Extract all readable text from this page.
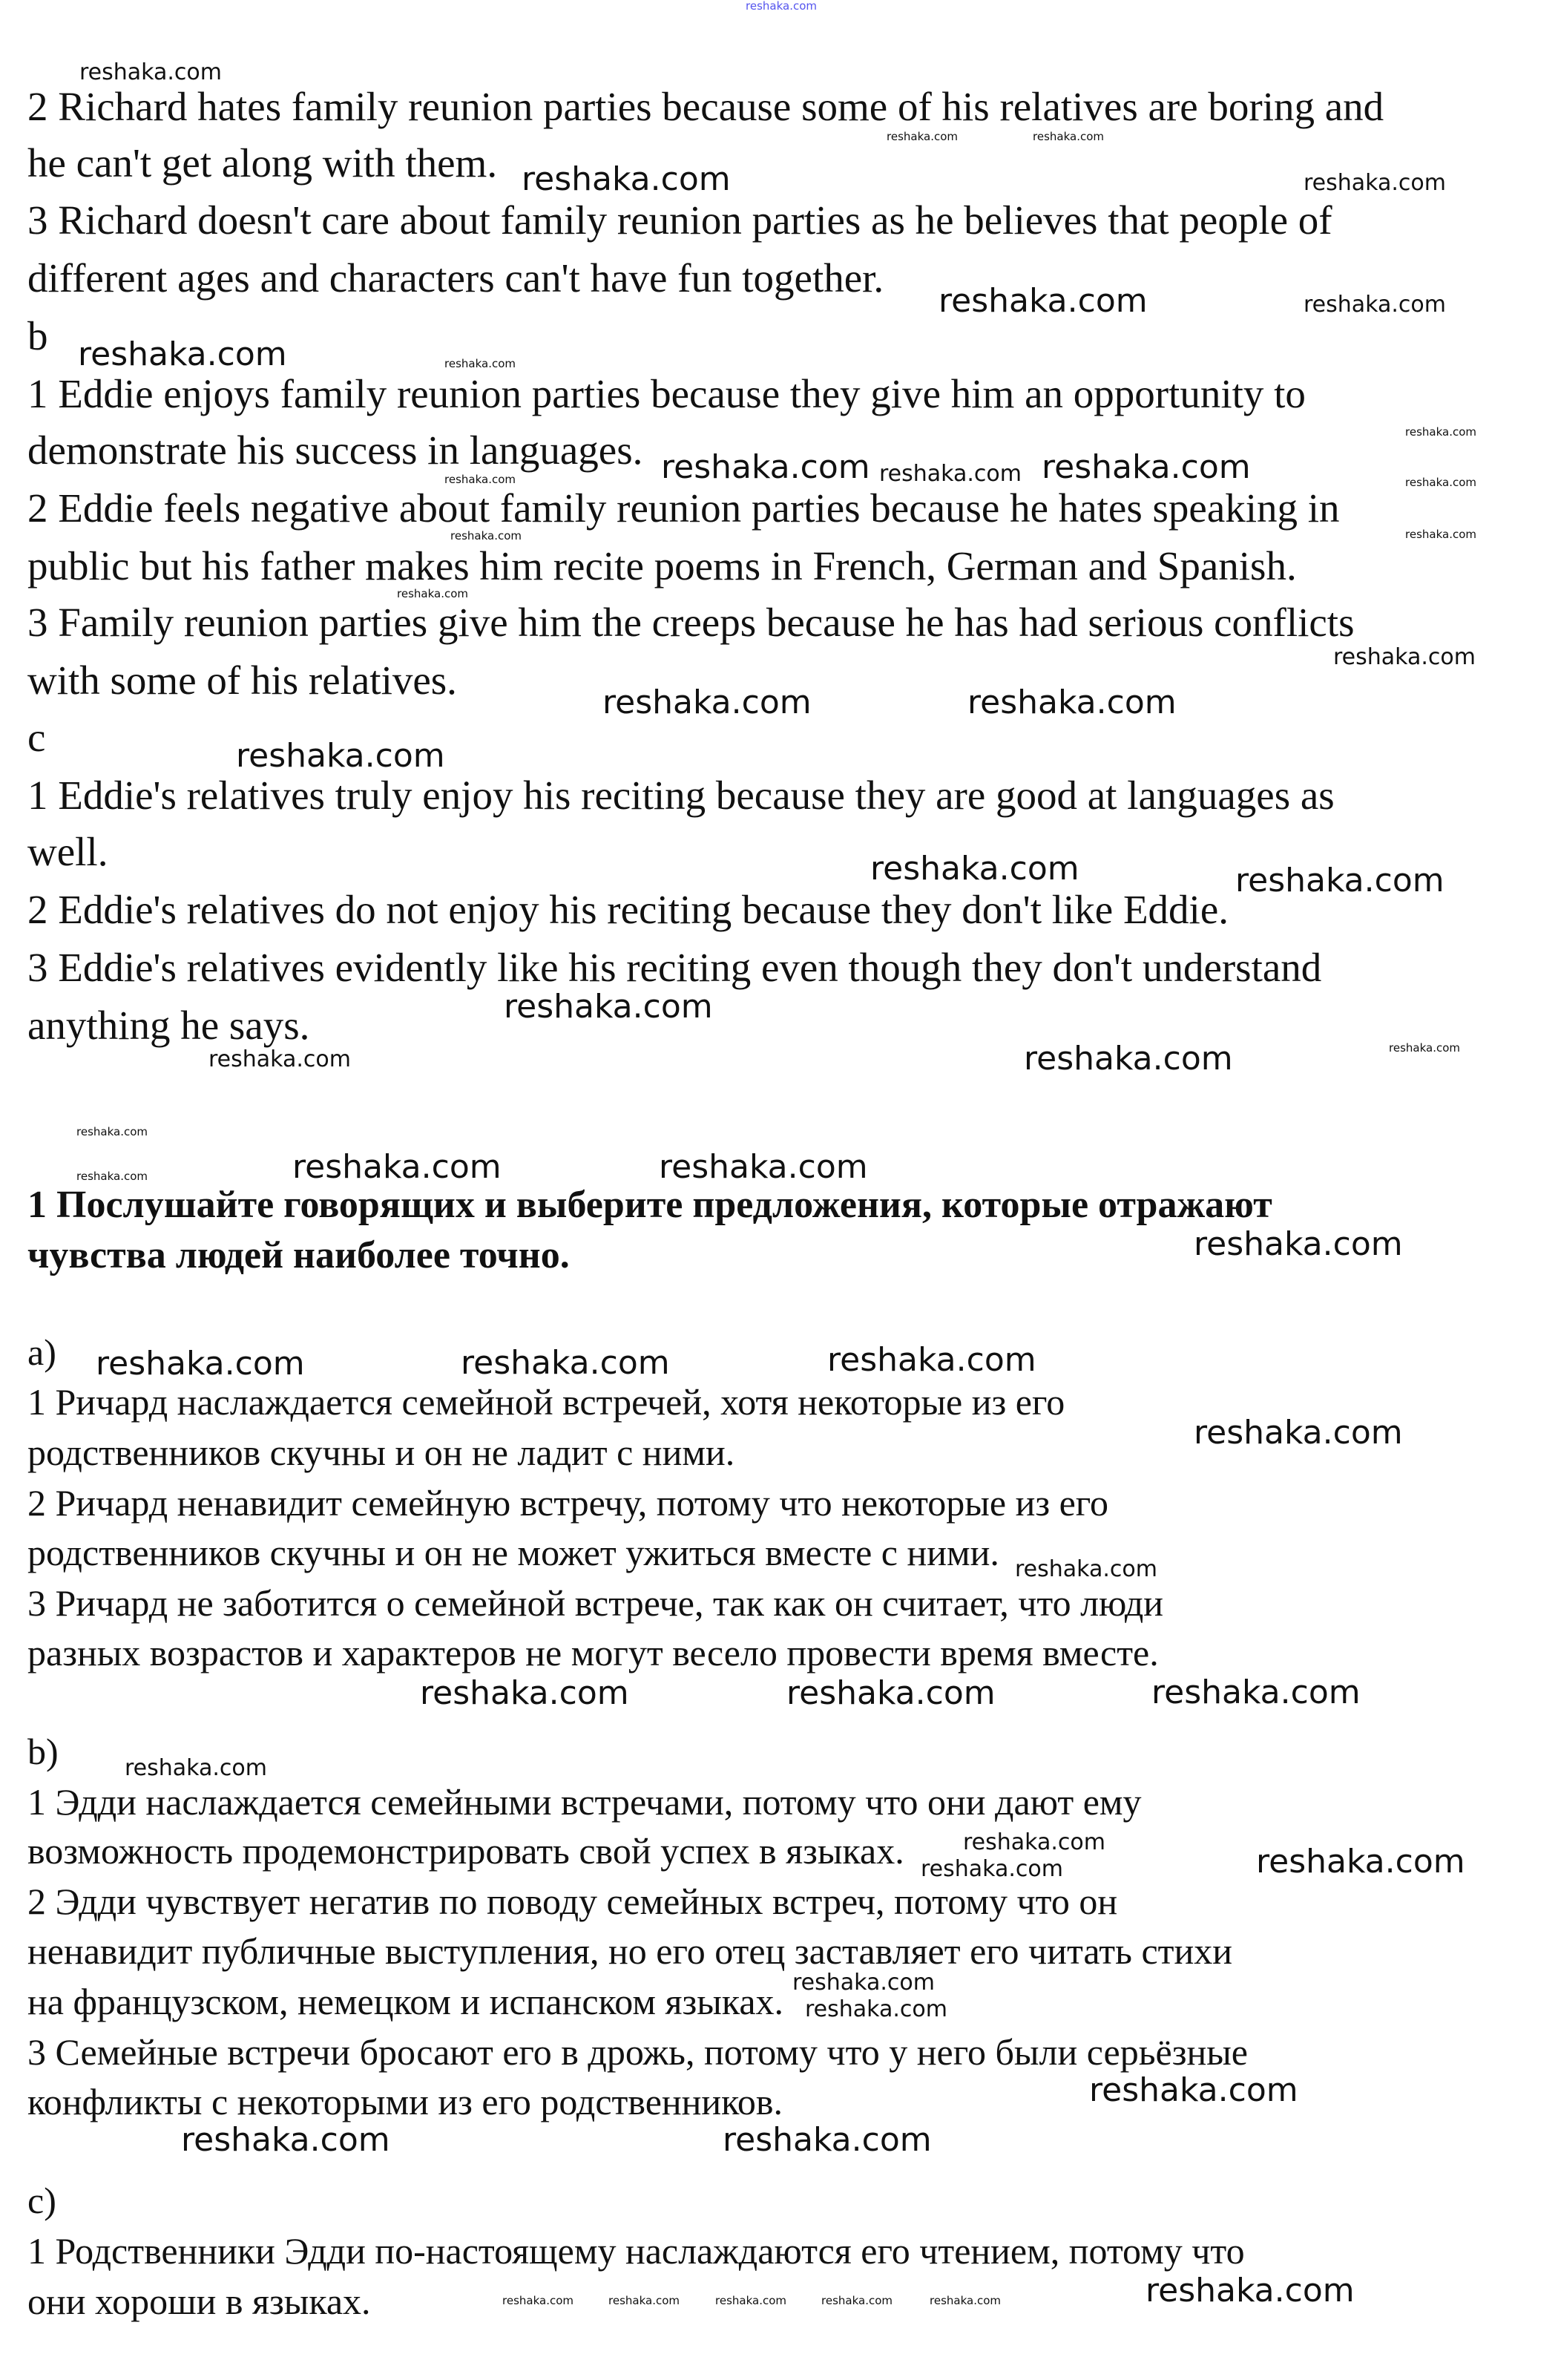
2 Richard hates family reunion parties because some of his relatives are boring and
he can't get along with them.
3 Richard doesn't care about family reunion parties as he believes that people of
different ages and characters can't have fun together.
b
1 Eddie enjoys family reunion parties because they give him an opportunity to
demonstrate his success in languages.
2 Eddie feels negative about family reunion parties because he hates speaking in
public but his father makes him recite poems in French, German and Spanish.
3 Family reunion parties give him the creeps because he has had serious conflicts
with some of his relatives.
c
1 Eddie's relatives truly enjoy his reciting because they are good at languages as
well.
2 Eddie's relatives do not enjoy his reciting because they don't like Eddie.
3 Eddie's relatives evidently like his reciting even though they don't understand
anything he says.
1 Послушайте говорящих и выберите предложения, которые отражают
чувства людей наиболее точно.
a)
1 Ричард наслаждается семейной встречей, хотя некоторые из его
родственников скучны и он не ладит с ними.
2 Ричард ненавидит семейную встречу, потому что некоторые из его
родственников скучны и он не может ужиться вместе с ними.
3 Ричард не заботится о семейной встрече, так как он считает, что люди
разных возрастов и характеров не могут весело провести время вместе.
b)
1 Эдди наслаждается семейными встречами, потому что они дают ему
возможность продемонстрировать свой успех в языках.
2 Эдди чувствует негатив по поводу семейных встреч, потому что он
ненавидит публичные выступления, но его отец заставляет его читать стихи
на французском, немецком и испанском языках.
3 Семейные встречи бросают его в дрожь, потому что у него были серьёзные
конфликты с некоторыми из его родственников.
c)
1 Родственники Эдди по-настоящему наслаждаются его чтением, потому что
они хороши в языках.
reshaka.com
reshaka.com
reshaka.com
reshaka.com
reshaka.com	reshaka.com
reshaka.com	reshaka.com
reshaka.com
reshaka.com	reshaka.com
reshaka.com
reshaka.com
reshaka.com	reshaka.com
reshaka.com
reshaka.com	reshaka.com	reshaka.com
reshaka.com
reshaka.com	reshaka.com	reshaka.com
reshaka.com
reshaka.com
reshaka.com	reshaka.com
reshaka.com
reshaka.com
reshaka.com
reshaka.com
reshaka.com
reshaka.com
reshaka.com
reshaka.com
reshaka.com
reshaka.com
reshaka.com
reshaka.com
reshaka.com
reshaka.com	reshaka.com
reshaka.com
reshaka.com
reshaka.com
reshaka.com
reshaka.com
reshaka.com
reshaka.com
reshaka.com
reshaka.com
reshaka.com
reshaka.com	reshaka.com	reshaka.com	reshaka.com	reshaka.com
